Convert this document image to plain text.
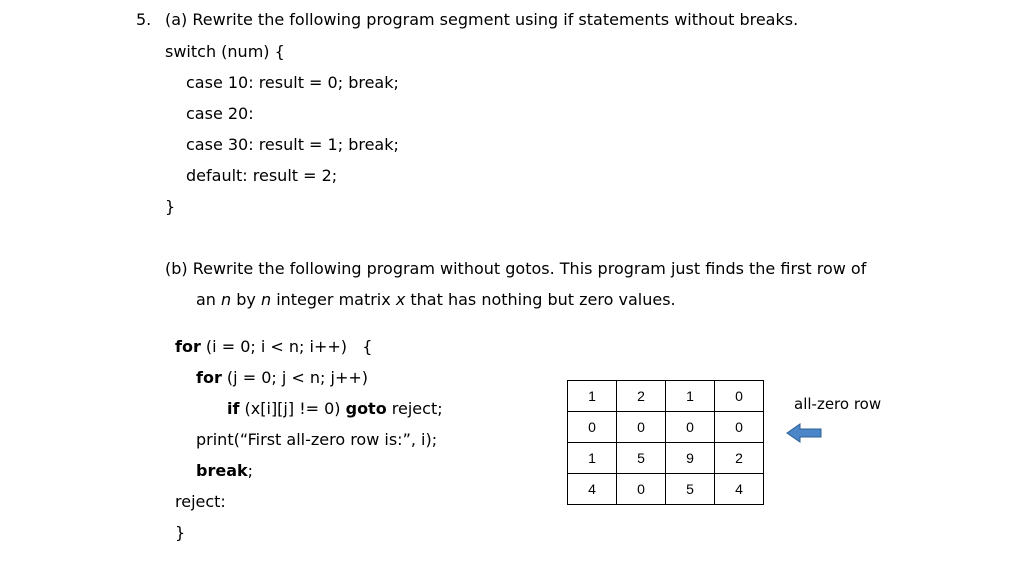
5. (a) Rewrite the following program segment using if statements without breaks.
switch (num) {
case 10: result = 0; break;
case 20:
case 30: result = 1; break;
default: result = 2;
}
(b) Rewrite the following program without gotos. This program just finds the first row of
an n by n integer matrix x that has nothing but zero values.
for (i = 0; i < n; i++)   {
for (j = 0; j < n; j++)
if (x[i][j] != 0) goto reject;
print(“First all-zero row is:”, i);
break;
reject:
}
1	2	1	0
0	0	0	0
1	5	9	2
4	0	5	4
all-zero row
